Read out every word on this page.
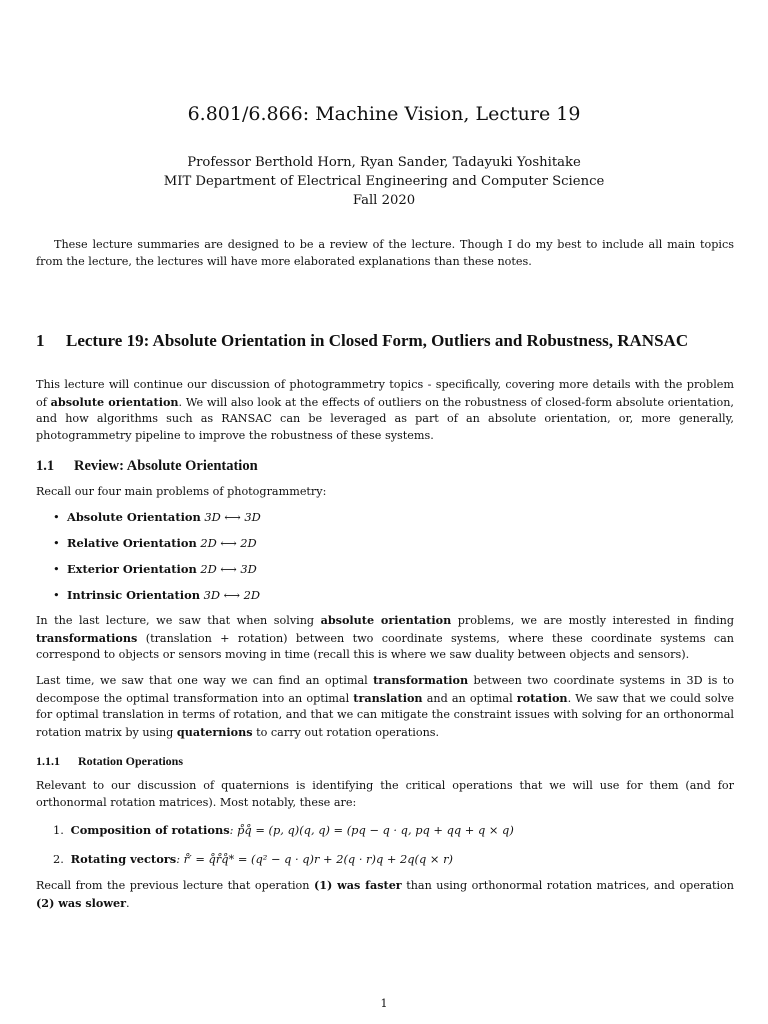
6.801/6.866: Machine Vision, Lecture 19
Professor Berthold Horn, Ryan Sander, Tadayuki Yoshitake
MIT Department of Electrical Engineering and Computer Science
Fall 2020
These lecture summaries are designed to be a review of the lecture. Though I do my best to include all main topics from the lecture, the lectures will have more elaborated explanations than these notes.
1 Lecture 19: Absolute Orientation in Closed Form, Outliers and Robustness, RANSAC
This lecture will continue our discussion of photogrammetry topics - specifically, covering more details with the problem of absolute orientation. We will also look at the effects of outliers on the robustness of closed-form absolute orientation, and how algorithms such as RANSAC can be leveraged as part of an absolute orientation, or, more generally, photogrammetry pipeline to improve the robustness of these systems.
1.1 Review: Absolute Orientation
Recall our four main problems of photogrammetry:
• Absolute Orientation 3D ⟷ 3D
• Relative Orientation 2D ⟷ 2D
• Exterior Orientation 2D ⟷ 3D
• Intrinsic Orientation 3D ⟷ 2D
In the last lecture, we saw that when solving absolute orientation problems, we are mostly interested in finding transformations (translation + rotation) between two coordinate systems, where these coordinate systems can correspond to objects or sensors moving in time (recall this is where we saw duality between objects and sensors).
Last time, we saw that one way we can find an optimal transformation between two coordinate systems in 3D is to decompose the optimal transformation into an optimal translation and an optimal rotation. We saw that we could solve for optimal translation in terms of rotation, and that we can mitigate the constraint issues with solving for an orthonormal rotation matrix by using quaternions to carry out rotation operations.
1.1.1 Rotation Operations
Relevant to our discussion of quaternions is identifying the critical operations that we will use for them (and for orthonormal rotation matrices). Most notably, these are:
1. Composition of rotations: p̊q̊ = (p, q)(q, q) = (pq − q · q, pq + qq + q × q)
2. Rotating vectors: r̊′ = q̊r̊q̊* = (q² − q · q)r + 2(q · r)q + 2q(q × r)
Recall from the previous lecture that operation (1) was faster than using orthonormal rotation matrices, and operation (2) was slower.
1
